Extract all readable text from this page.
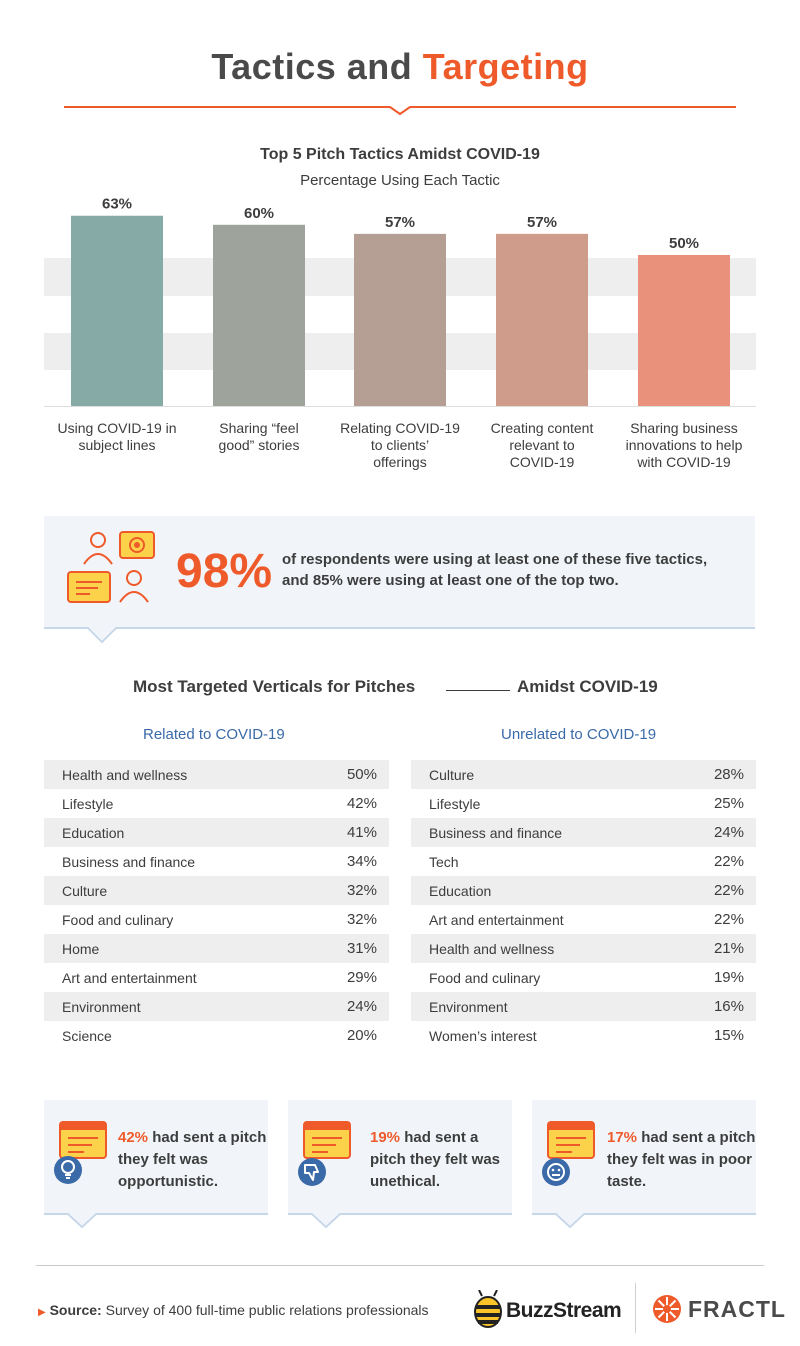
Tactics and Targeting
Top 5 Pitch Tactics Amidst COVID-19
Percentage Using Each Tactic
63%
60%
57%	57%
50%
Using COVID-19 in
subject lines
Sharing “feel
good” stories
Relating COVID-19
to clients’
offerings
Creating content
relevant to
COVID-19
Sharing business
innovations to help
with COVID-19
98% of respondents were using at least one of these five tactics,
and 85% were using at least one of the top two.
Most Targeted Verticals for Pitches	Amidst COVID-19
Related to COVID-19	Unrelated to COVID-19
Health and wellness	50%
Lifestyle	42%
Education	41%
Business and finance	34%
Culture	32%
Food and culinary	32%
Home	31%
Art and entertainment	29%
Environment	24%
Science	20%
Culture	28%
Lifestyle	25%
Business and finance	24%
Tech	22%
Education	22%
Art and entertainment	22%
Health and wellness	21%
Food and culinary	19%
Environment	16%
Women’s interest	15%
42% had sent a pitch they felt was opportunistic.
19% had sent a pitch they felt was unethical.
17% had sent a pitch they felt was in poor taste.
▶ Source: Survey of 400 full-time public relations professionals	BuzzStream	FRACTL
